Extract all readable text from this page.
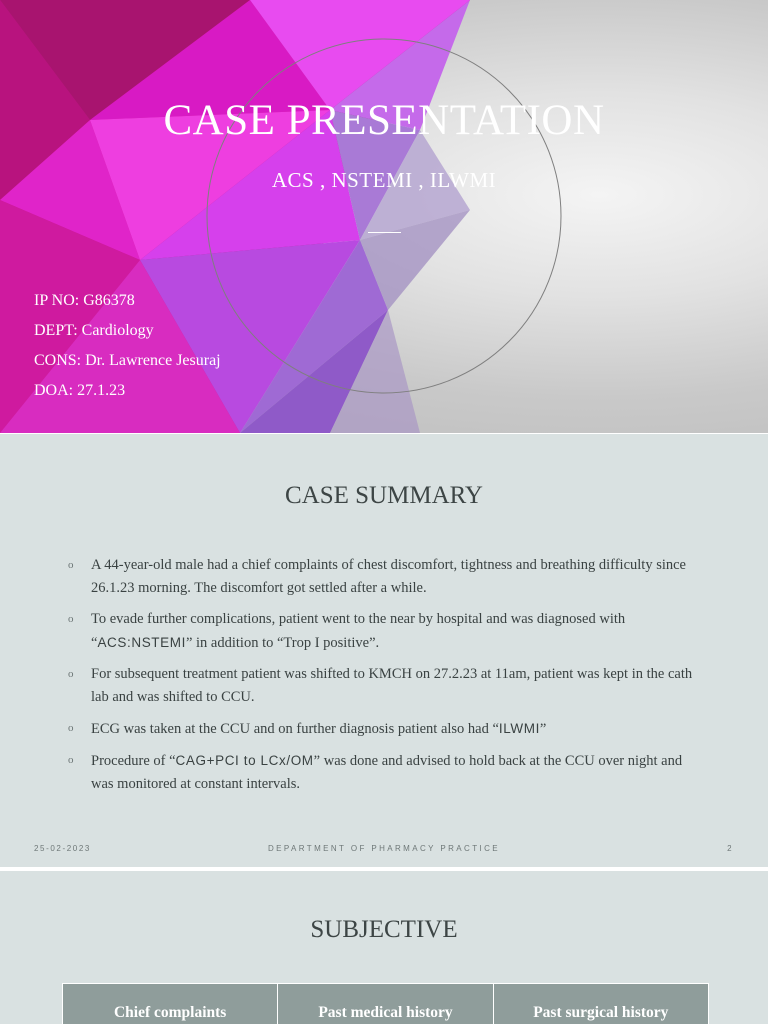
CASE PRESENTATION
ACS , NSTEMI , ILWMI
IP NO: G86378
DEPT: Cardiology
CONS: Dr. Lawrence Jesuraj
DOA: 27.1.23
CASE SUMMARY
o A 44-year-old male had a chief complaints of chest discomfort, tightness and breathing difficulty since 26.1.23 morning. The discomfort got settled after a while.
o To evade further complications, patient went to the near by hospital and was diagnosed with “ACS:NSTEMI” in addition to “Trop I positive”.
o For subsequent treatment patient was shifted to KMCH on 27.2.23 at 11am, patient was kept in the cath lab and was shifted to CCU.
o ECG was taken at the CCU and on further diagnosis patient also had “ILWMI”
o Procedure of “CAG+PCI to LCx/OM” was done and advised to hold back at the CCU over night and was monitored at constant intervals.
25-02-2023	DEPARTMENT OF PHARMACY PRACTICE	2
SUBJECTIVE
Chief complaints	Past medical history	Past surgical history
